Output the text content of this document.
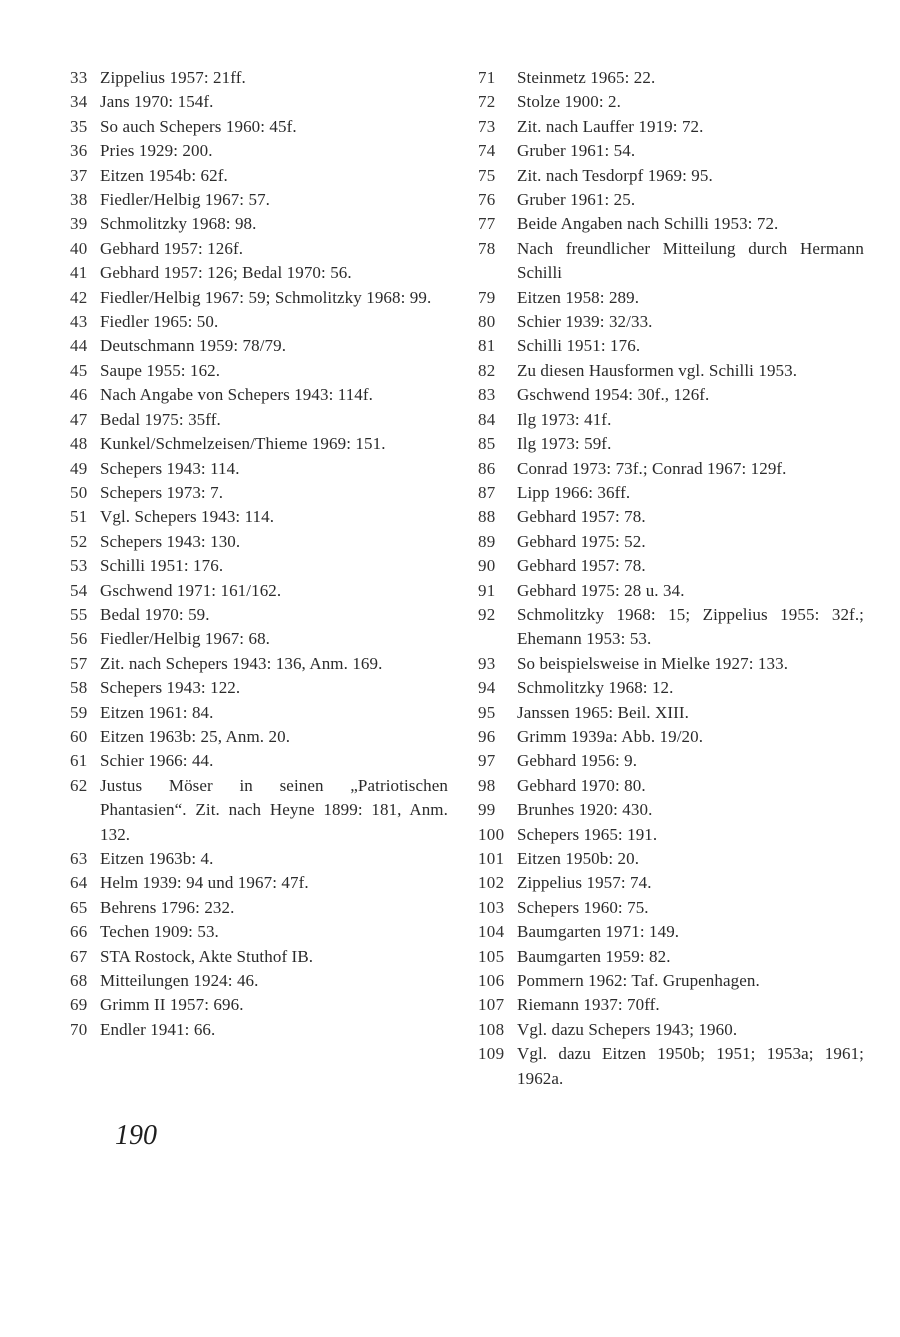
33 Zippelius 1957: 21ff.
34 Jans 1970: 154f.
35 So auch Schepers 1960: 45f.
36 Pries 1929: 200.
37 Eitzen 1954b: 62f.
38 Fiedler/Helbig 1967: 57.
39 Schmolitzky 1968: 98.
40 Gebhard 1957: 126f.
41 Gebhard 1957: 126; Bedal 1970: 56.
42 Fiedler/Helbig 1967: 59; Schmolitzky 1968: 99.
43 Fiedler 1965: 50.
44 Deutschmann 1959: 78/79.
45 Saupe 1955: 162.
46 Nach Angabe von Schepers 1943: 114f.
47 Bedal 1975: 35ff.
48 Kunkel/Schmelzeisen/Thieme 1969: 151.
49 Schepers 1943: 114.
50 Schepers 1973: 7.
51 Vgl. Schepers 1943: 114.
52 Schepers 1943: 130.
53 Schilli 1951: 176.
54 Gschwend 1971: 161/162.
55 Bedal 1970: 59.
56 Fiedler/Helbig 1967: 68.
57 Zit. nach Schepers 1943: 136, Anm. 169.
58 Schepers 1943: 122.
59 Eitzen 1961: 84.
60 Eitzen 1963b: 25, Anm. 20.
61 Schier 1966: 44.
62 Justus Möser in seinen „Patriotischen Phantasien“. Zit. nach Heyne 1899: 181, Anm. 132.
63 Eitzen 1963b: 4.
64 Helm 1939: 94 und 1967: 47f.
65 Behrens 1796: 232.
66 Techen 1909: 53.
67 STA Rostock, Akte Stuthof IB.
68 Mitteilungen 1924: 46.
69 Grimm II 1957: 696.
70 Endler 1941: 66.
71	Steinmetz 1965: 22.
72	Stolze 1900: 2.
73	Zit. nach Lauffer 1919: 72.
74	Gruber 1961: 54.
75	Zit. nach Tesdorpf 1969: 95.
76	Gruber 1961: 25.
77	Beide Angaben nach Schilli 1953: 72.
78	Nach freundlicher Mitteilung durch Hermann Schilli
79	Eitzen 1958: 289.
80	Schier 1939: 32/33.
81	Schilli 1951: 176.
82	Zu diesen Hausformen vgl. Schilli 1953.
83	Gschwend 1954: 30f., 126f.
84	Ilg 1973: 41f.
85	Ilg 1973: 59f.
86	Conrad 1973: 73f.; Conrad 1967: 129f.
87	Lipp 1966: 36ff.
88	Gebhard 1957: 78.
89	Gebhard 1975: 52.
90	Gebhard 1957: 78.
91	Gebhard 1975: 28 u. 34.
92	Schmolitzky 1968: 15; Zippelius 1955: 32f.; Ehemann 1953: 53.
93	So beispielsweise in Mielke 1927: 133.
94	Schmolitzky 1968: 12.
95	Janssen 1965: Beil. XIII.
96	Grimm 1939a: Abb. 19/20.
97	Gebhard 1956: 9.
98	Gebhard 1970: 80.
99	Brunhes 1920: 430.
100 Schepers 1965: 191.
101 Eitzen 1950b: 20.
102 Zippelius 1957: 74.
103 Schepers 1960: 75.
104 Baumgarten 1971: 149.
105 Baumgarten 1959: 82.
106 Pommern 1962: Taf. Grupenhagen.
107 Riemann 1937: 70ff.
108 Vgl. dazu Schepers 1943; 1960.
109 Vgl. dazu Eitzen 1950b; 1951; 1953a; 1961; 1962a.
190
